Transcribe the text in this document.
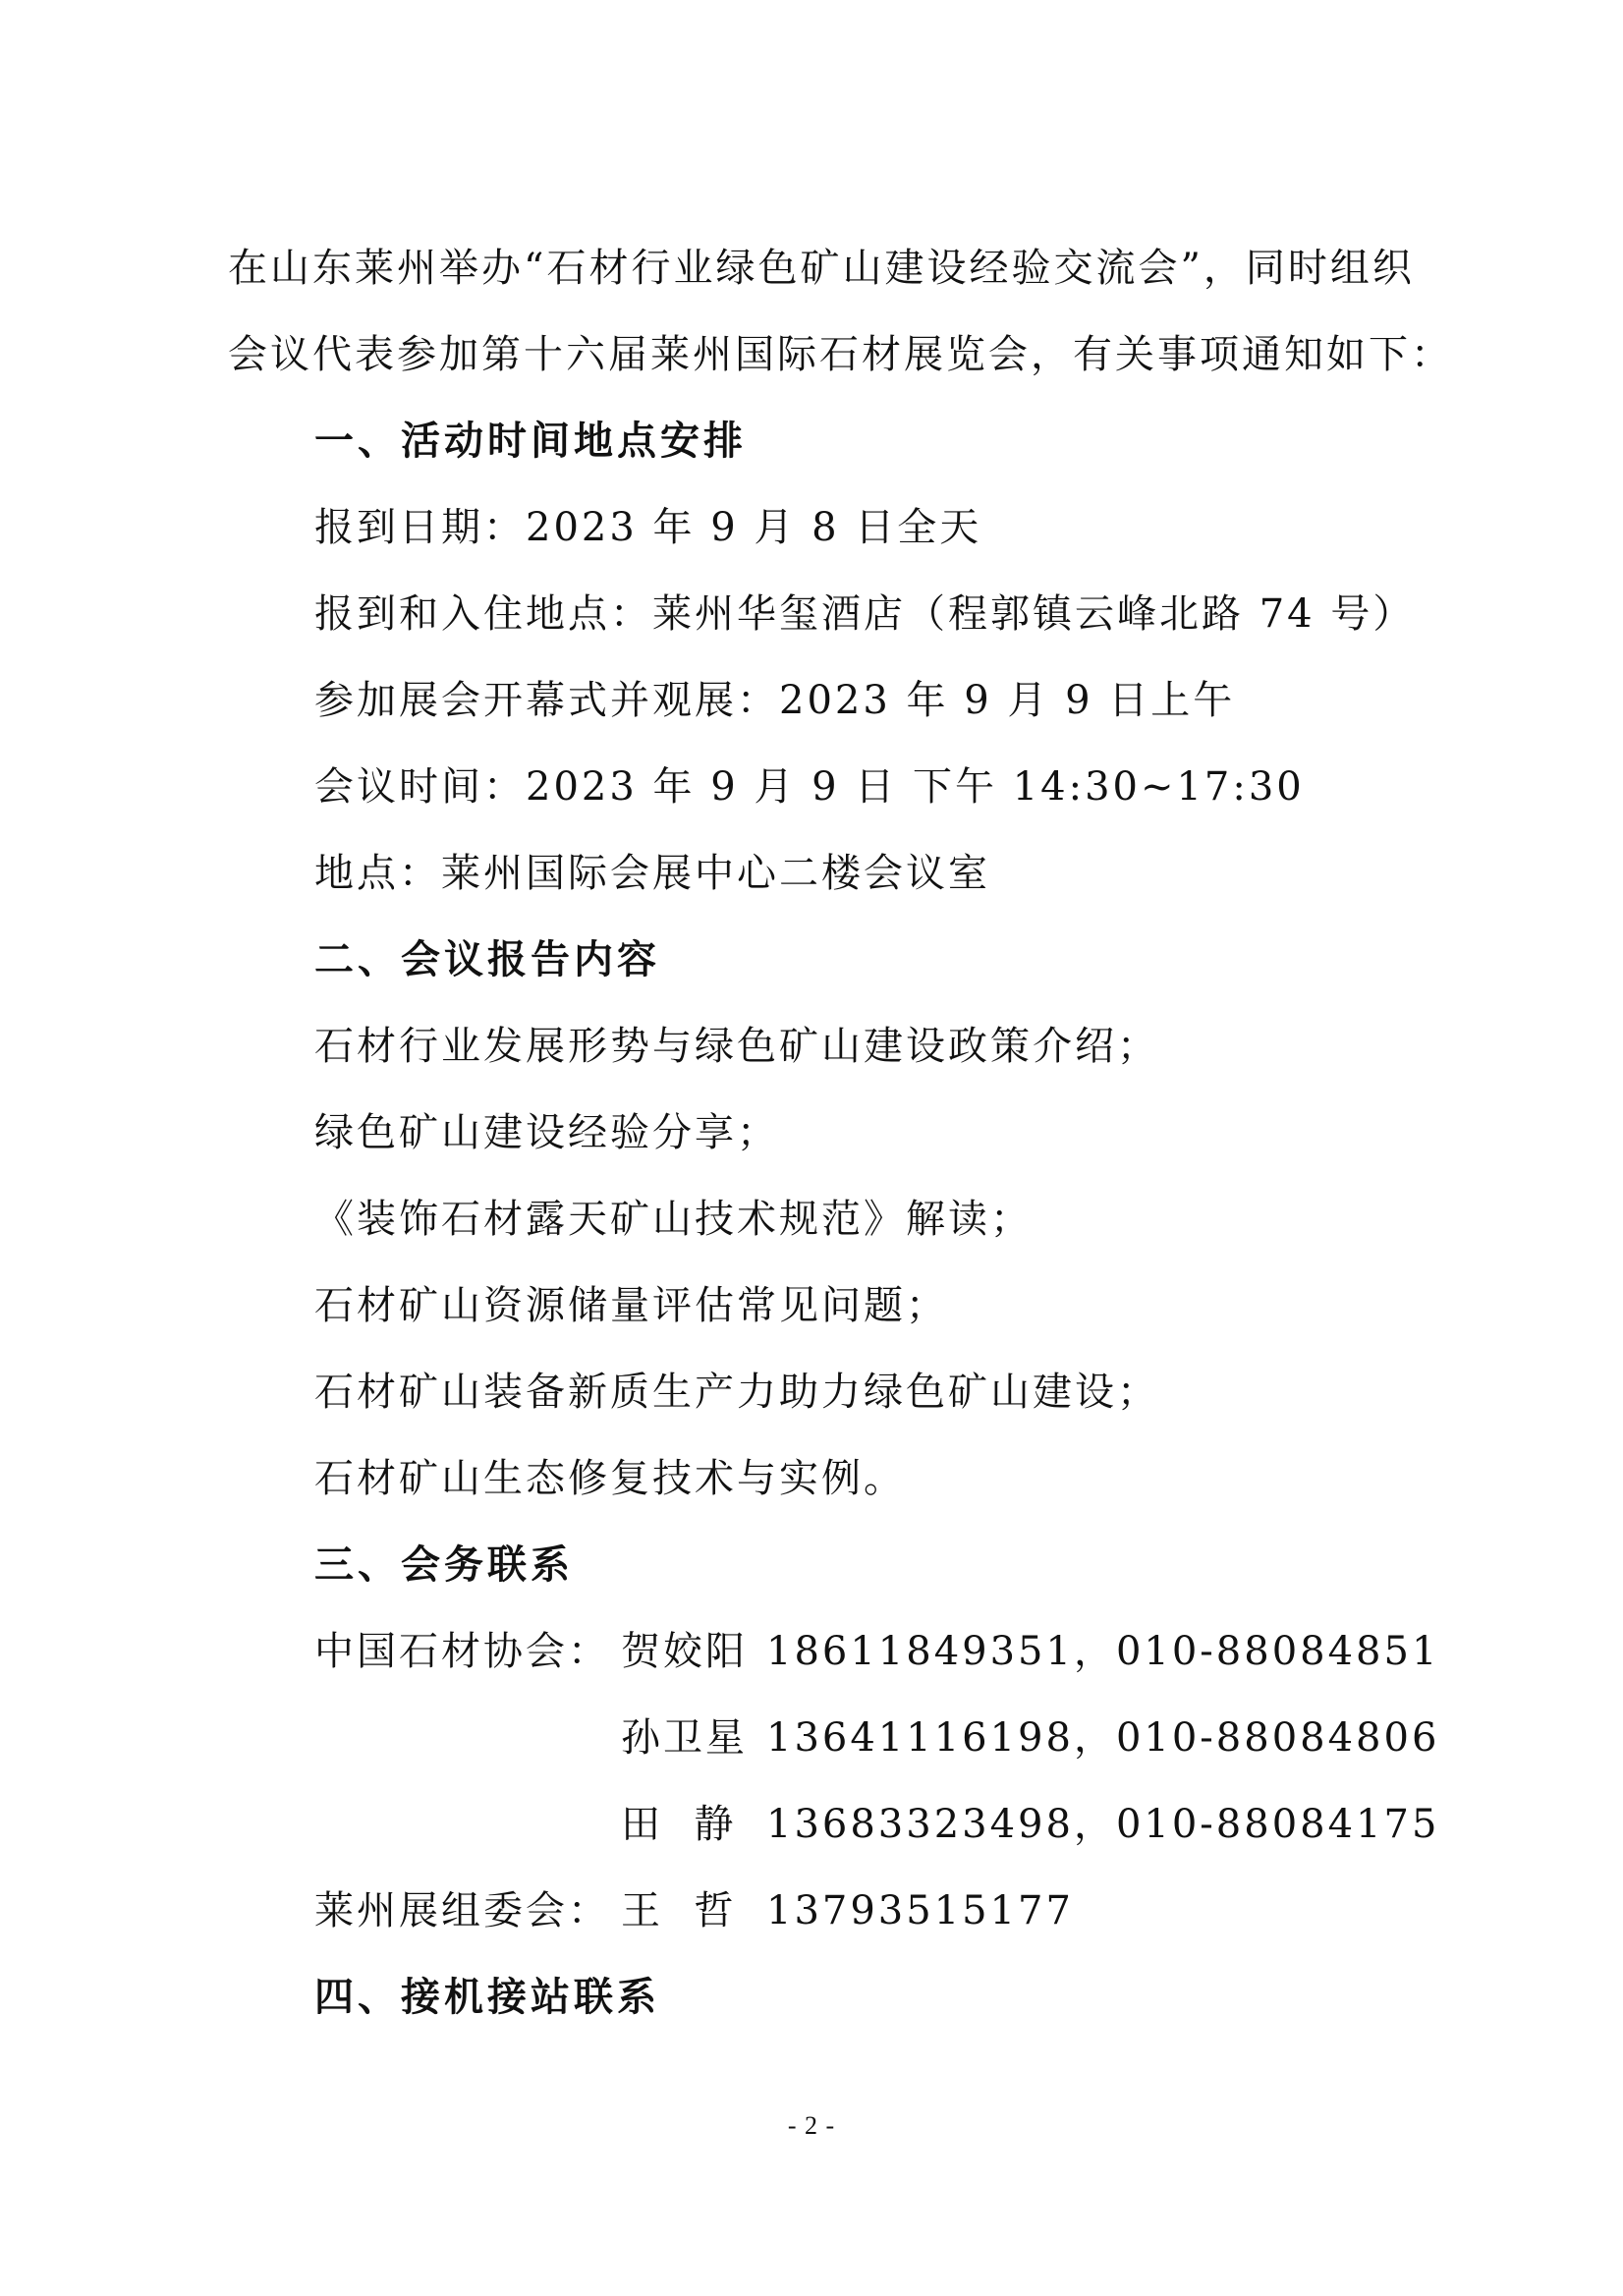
在山东莱州举办“石材行业绿色矿山建设经验交流会”，同时组织
会议代表参加第十六届莱州国际石材展览会，有关事项通知如下：
一、活动时间地点安排
报到日期：2023 年 9 月 8 日全天
报到和入住地点：莱州华玺酒店（程郭镇云峰北路 74 号）
参加展会开幕式并观展：2023 年 9 月 9 日上午
会议时间：2023 年 9 月 9 日 下午 14:30~17:30
地点：莱州国际会展中心二楼会议室
二、会议报告内容
石材行业发展形势与绿色矿山建设政策介绍；
绿色矿山建设经验分享；
《装饰石材露天矿山技术规范》解读；
石材矿山资源储量评估常见问题；
石材矿山装备新质生产力助力绿色矿山建设；
石材矿山生态修复技术与实例。
三、会务联系
中国石材协会： 贺姣阳 18611849351，010-88084851
孙卫星 13641116198，010-88084806
田  静 13683323498，010-88084175
莱州展组委会： 王  哲 13793515177
四、接机接站联系
- 2 -
